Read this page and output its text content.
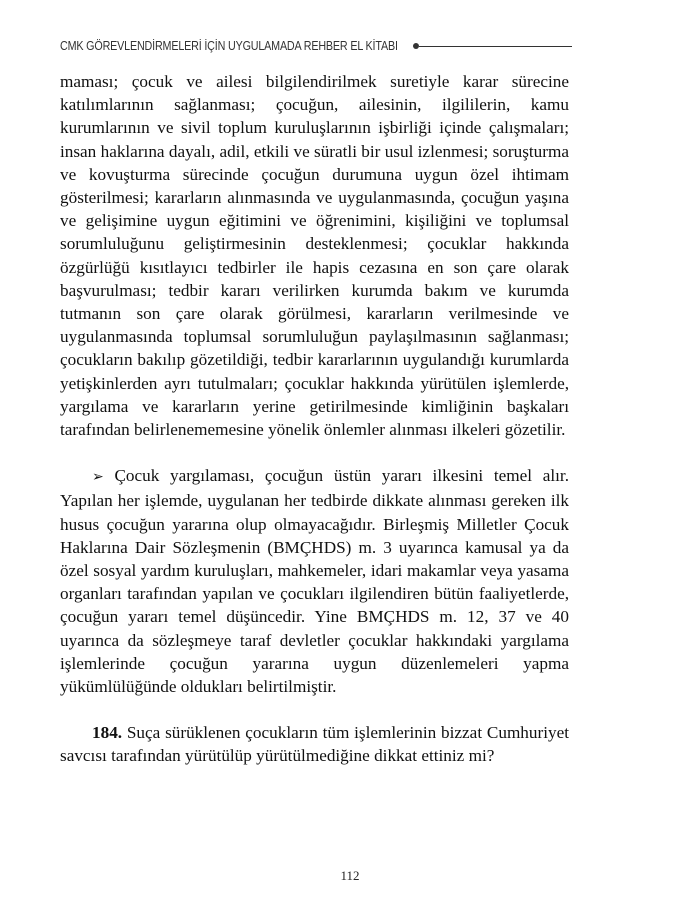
CMK GÖREVLENDİRMELERİ İÇİN UYGULAMADA REHBER EL KİTABI

maması; çocuk ve ailesi bilgilendirilmek suretiyle karar sürecine katılımlarının sağlanması; çocuğun, ailesinin, ilgililerin, kamu kurumlarının ve sivil toplum kuruluşlarının işbirliği içinde çalışmaları; insan haklarına dayalı, adil, etkili ve süratli bir usul izlenmesi; soruşturma ve kovuşturma sürecinde çocuğun durumuna uygun özel ihtimam gösterilmesi; kararların alınmasında ve uygulanmasında, çocuğun yaşına ve gelişimine uygun eğitimini ve öğrenimini, kişiliğini ve toplumsal sorumluluğunu geliştirmesinin desteklenmesi; çocuklar hakkında özgürlüğü kısıtlayıcı tedbirler ile hapis cezasına en son çare olarak başvurulması; tedbir kararı verilirken kurumda bakım ve kurumda tutmanın son çare olarak görülmesi, kararların verilmesinde ve uygulanmasında toplumsal sorumluluğun paylaşılmasının sağlanması; çocukların bakılıp gözetildiği, tedbir kararlarının uygulandığı kurumlarda yetişkinlerden ayrı tutulmaları; çocuklar hakkında yürütülen işlemlerde, yargılama ve kararların yerine getirilmesinde kimliğinin başkaları tarafından belirlenememesine yönelik önlemler alınması ilkeleri gözetilir.

➢ Çocuk yargılaması, çocuğun üstün yararı ilkesini temel alır. Yapılan her işlemde, uygulanan her tedbirde dikkate alınması gereken ilk husus çocuğun yararına olup olmayacağıdır. Birleşmiş Milletler Çocuk Haklarına Dair Sözleşmenin (BMÇHDS) m. 3 uyarınca kamusal ya da özel sosyal yardım kuruluşları, mahkemeler, idari makamlar veya yasama organları tarafından yapılan ve çocukları ilgilendiren bütün faaliyetlerde, çocuğun yararı temel düşüncedir. Yine BMÇHDS m. 12, 37 ve 40 uyarınca da sözleşmeye taraf devletler çocuklar hakkındaki yargılama işlemlerinde çocuğun yararına uygun düzenlemeleri yapma yükümlülüğünde oldukları belirtilmiştir.

184. Suça sürüklenen çocukların tüm işlemlerinin bizzat Cumhuriyet savcısı tarafından yürütülüp yürütülmediğine dikkat ettiniz mi?

112
